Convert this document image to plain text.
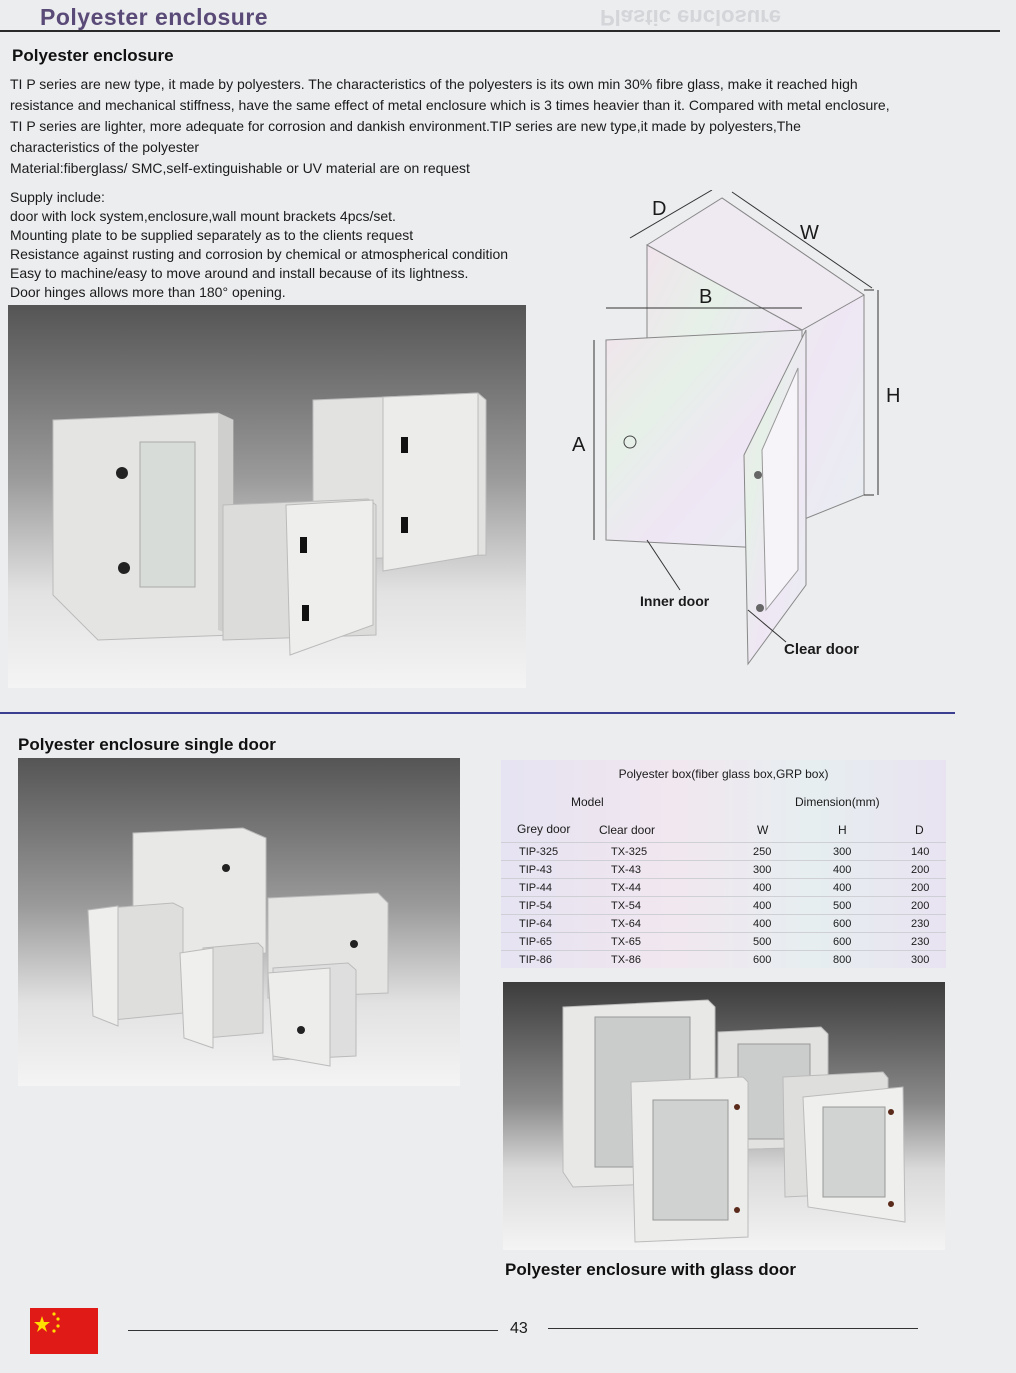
Plastic enclosure
Polyester enclosure
Polyester enclosure

TI P series are new type, it made by polyesters. The characteristics of the polyesters is its own min 30% fibre glass, make it reached high

resistance and mechanical stiffness, have the same effect of metal enclosure which is 3 times heavier than it. Compared with metal enclosure,

TI P series are lighter, more adequate for corrosion and dankish environment.TIP series are new type,it made by polyesters,The

characteristics of the polyester

Material:fiberglass/ SMC,self-extinguishable or UV material are on request

Supply include:
door with lock system,enclosure,wall mount brackets 4pcs/set.
Mounting plate to be supplied separately as to the clients request
Resistance against rusting and corrosion by chemical or atmospherical condition
Easy to machine/easy to move around and install because of its lightness.
Door hinges allows more than 180° opening.
D
W
B
H
A
Inner door
Clear door
Polyester enclosure single door
Polyester box(fiber glass box,GRP box)
Model	Dimension(mm)
Grey door Clear door	W	H	D
TIP-325	TX-325	250	300	140
TIP-43	TX-43	300	400	200
TIP-44	TX-44	400	400	200
TIP-54	TX-54	400	500	200
TIP-64	TX-64	400	600	230
TIP-65	TX-65	500	600	230
TIP-86	TX-86	600	800	300
Polyester enclosure with glass door
43
